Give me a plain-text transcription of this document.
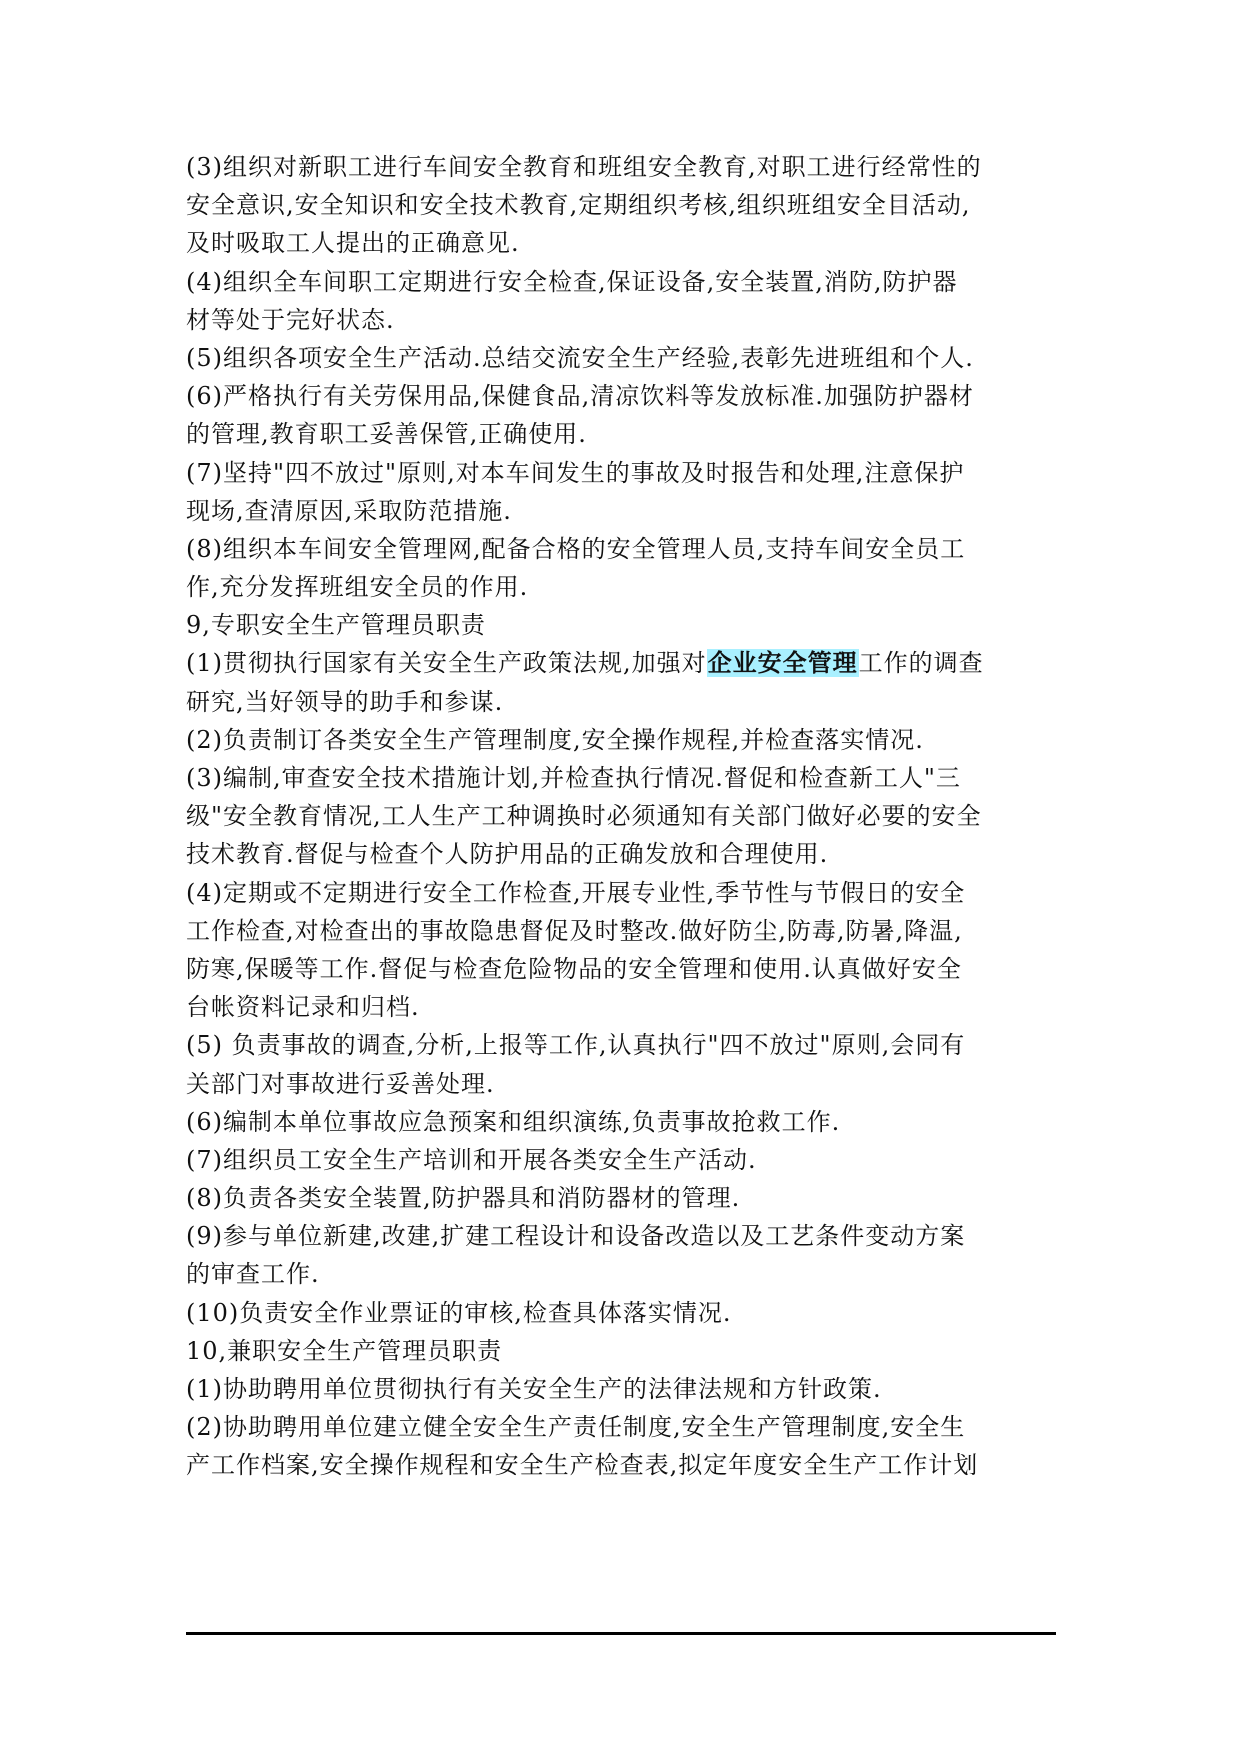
(3)组织对新职工进行车间安全教育和班组安全教育,对职工进行经常性的
安全意识,安全知识和安全技术教育,定期组织考核,组织班组安全目活动,
及时吸取工人提出的正确意见.
(4)组织全车间职工定期进行安全检查,保证设备,安全装置,消防,防护器
材等处于完好状态.
(5)组织各项安全生产活动.总结交流安全生产经验,表彰先进班组和个人.
(6)严格执行有关劳保用品,保健食品,清凉饮料等发放标准.加强防护器材
的管理,教育职工妥善保管,正确使用.
(7)坚持"四不放过"原则,对本车间发生的事故及时报告和处理,注意保护
现场,查清原因,采取防范措施.
(8)组织本车间安全管理网,配备合格的安全管理人员,支持车间安全员工
作,充分发挥班组安全员的作用.
9,专职安全生产管理员职责
(1)贯彻执行国家有关安全生产政策法规,加强对企业安全管理工作的调查
研究,当好领导的助手和参谋.
(2)负责制订各类安全生产管理制度,安全操作规程,并检查落实情况.
(3)编制,审查安全技术措施计划,并检查执行情况.督促和检查新工人"三
级"安全教育情况,工人生产工种调换时必须通知有关部门做好必要的安全
技术教育.督促与检查个人防护用品的正确发放和合理使用.
(4)定期或不定期进行安全工作检查,开展专业性,季节性与节假日的安全
工作检查,对检查出的事故隐患督促及时整改.做好防尘,防毒,防暑,降温,
防寒,保暖等工作.督促与检查危险物品的安全管理和使用.认真做好安全
台帐资料记录和归档.
(5) 负责事故的调查,分析,上报等工作,认真执行"四不放过"原则,会同有
关部门对事故进行妥善处理.
(6)编制本单位事故应急预案和组织演练,负责事故抢救工作.
(7)组织员工安全生产培训和开展各类安全生产活动.
(8)负责各类安全装置,防护器具和消防器材的管理.
(9)参与单位新建,改建,扩建工程设计和设备改造以及工艺条件变动方案
的审查工作.
(10)负责安全作业票证的审核,检查具体落实情况.
10,兼职安全生产管理员职责
(1)协助聘用单位贯彻执行有关安全生产的法律法规和方针政策.
(2)协助聘用单位建立健全安全生产责任制度,安全生产管理制度,安全生
产工作档案,安全操作规程和安全生产检查表,拟定年度安全生产工作计划
